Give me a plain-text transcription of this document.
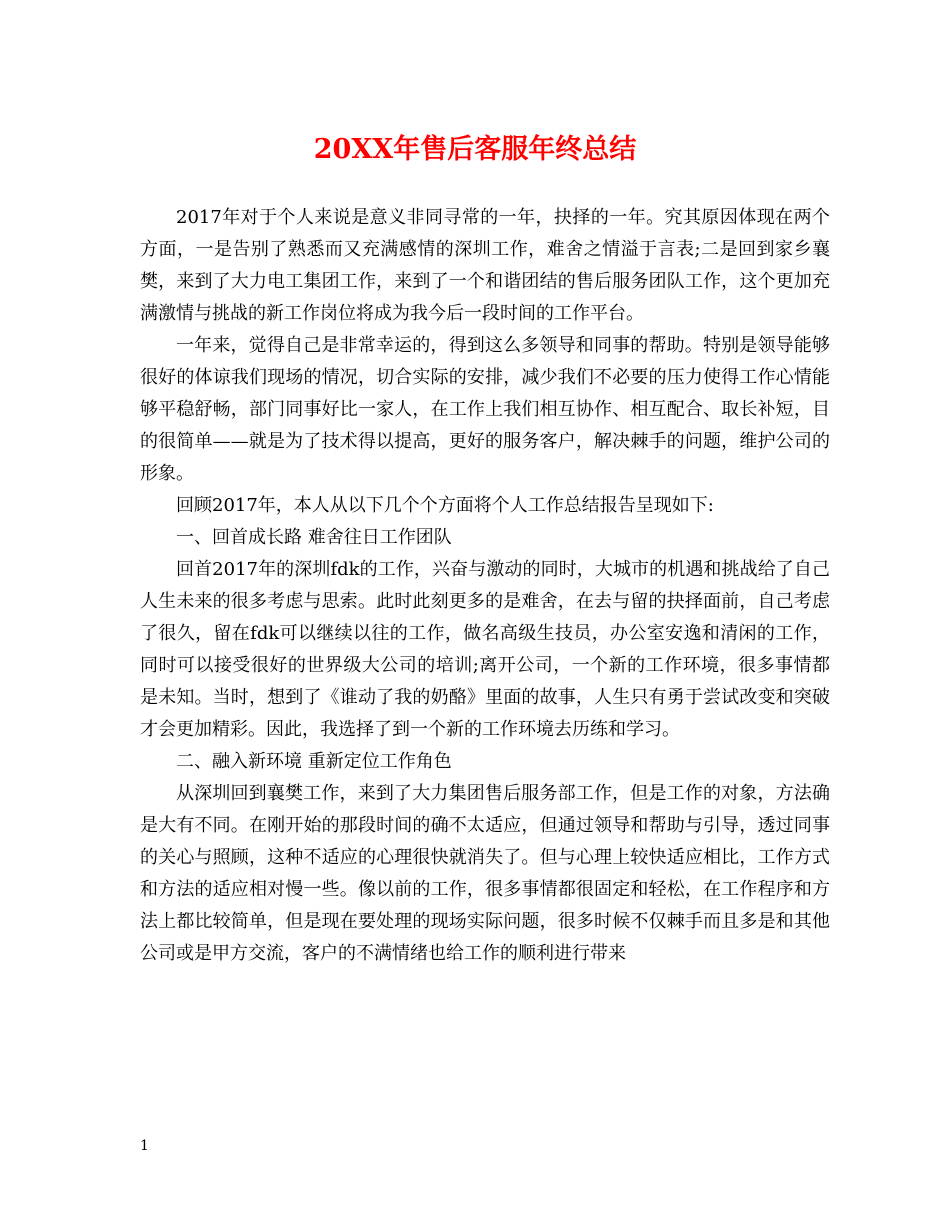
20XX年售后客服年终总结

2017年对于个人来说是意义非同寻常的一年，抉择的一年。究其原因体现在两个方面，一是告别了熟悉而又充满感情的深圳工作，难舍之情溢于言表;二是回到家乡襄樊，来到了大力电工集团工作，来到了一个和谐团结的售后服务团队工作，这个更加充满激情与挑战的新工作岗位将成为我今后一段时间的工作平台。

一年来，觉得自己是非常幸运的，得到这么多领导和同事的帮助。特别是领导能够很好的体谅我们现场的情况，切合实际的安排，减少我们不必要的压力使得工作心情能够平稳舒畅，部门同事好比一家人，在工作上我们相互协作、相互配合、取长补短，目的很简单——就是为了技术得以提高，更好的服务客户，解决棘手的问题，维护公司的形象。

回顾2017年，本人从以下几个个方面将个人工作总结报告呈现如下:

一、回首成长路 难舍往日工作团队

回首2017年的深圳fdk的工作，兴奋与激动的同时，大城市的机遇和挑战给了自己人生未来的很多考虑与思索。此时此刻更多的是难舍，在去与留的抉择面前，自己考虑了很久，留在fdk可以继续以往的工作，做名高级生技员，办公室安逸和清闲的工作，同时可以接受很好的世界级大公司的培训;离开公司，一个新的工作环境，很多事情都是未知。当时，想到了《谁动了我的奶酪》里面的故事，人生只有勇于尝试改变和突破才会更加精彩。因此，我选择了到一个新的工作环境去历练和学习。

二、融入新环境 重新定位工作角色

从深圳回到襄樊工作，来到了大力集团售后服务部工作，但是工作的对象，方法确是大有不同。在刚开始的那段时间的确不太适应，但通过领导和帮助与引导，透过同事的关心与照顾，这种不适应的心理很快就消失了。但与心理上较快适应相比，工作方式和方法的适应相对慢一些。像以前的工作，很多事情都很固定和轻松，在工作程序和方法上都比较简单，但是现在要处理的现场实际问题，很多时候不仅棘手而且多是和其他公司或是甲方交流，客户的不满情绪也给工作的顺利进行带来

1
